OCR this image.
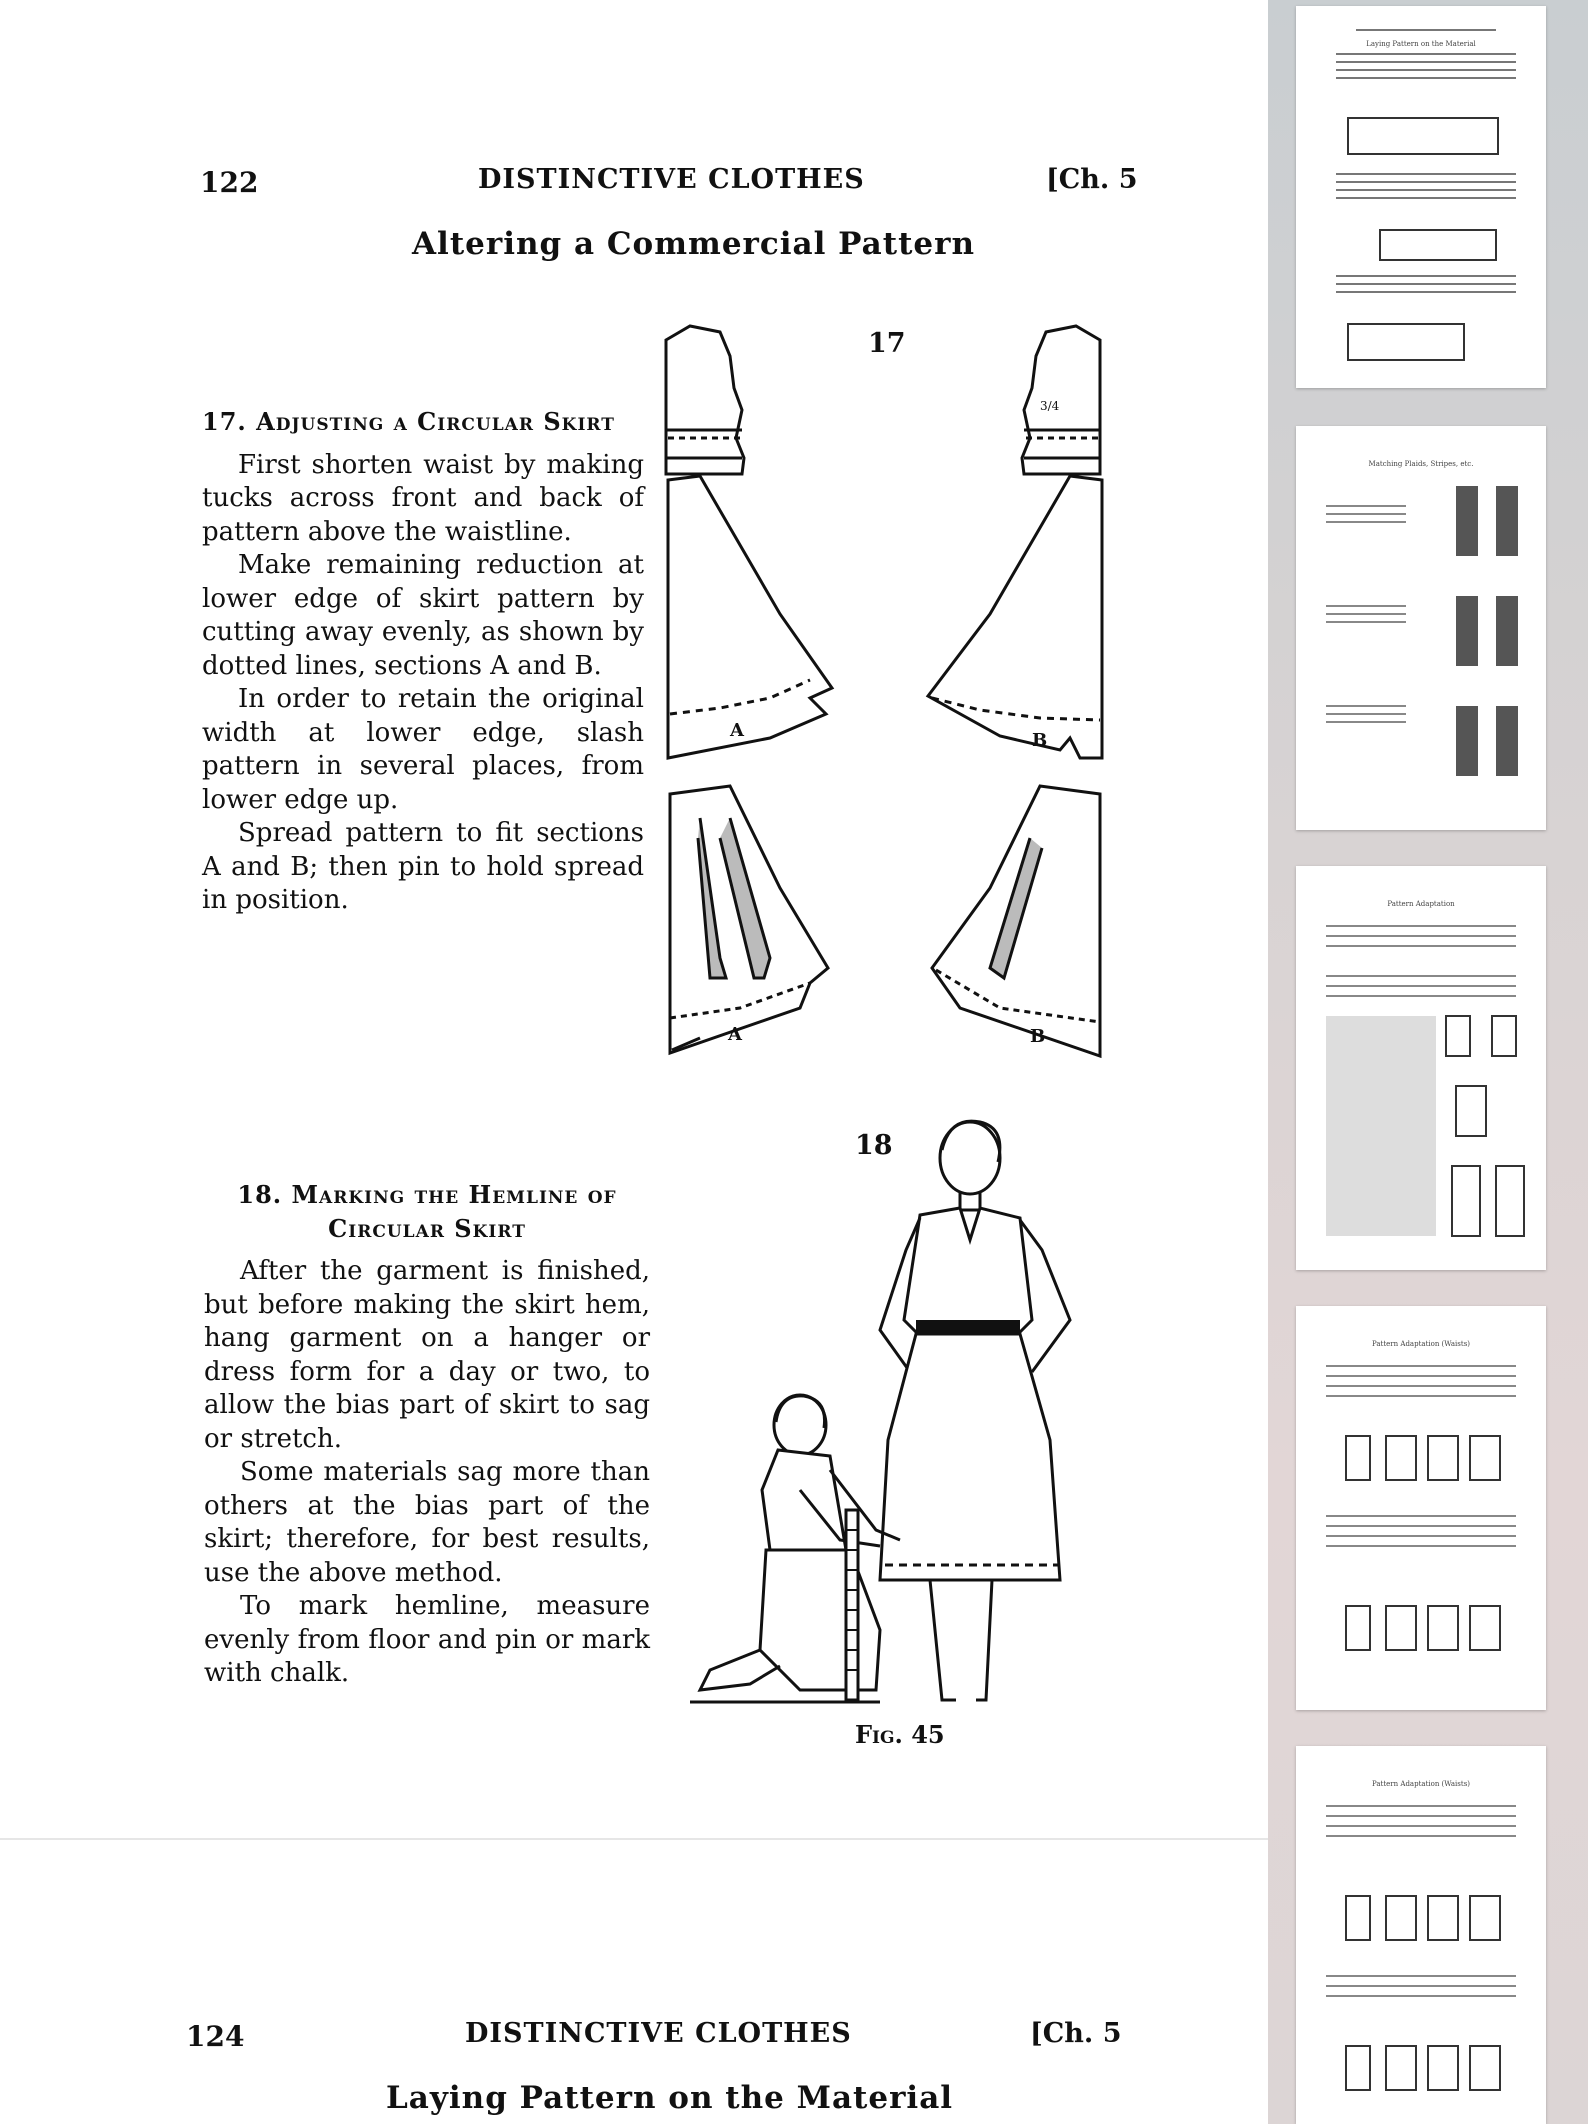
122	DISTINCTIVE CLOTHES	[Ch. 5
Altering a Commercial Pattern
17. Adjusting a Circular Skirt

First shorten waist by making tucks across front and back of pattern above the waistline.

Make remaining reduction at lower edge of skirt pattern by cutting away evenly, as shown by dotted lines, sections A and B.

In order to retain the original width at lower edge, slash pattern in several places, from lower edge up.

Spread pattern to fit sections A and B; then pin to hold spread in position.

17
3/4
A	B
A	B
18
18. Marking the Hemline of Circular Skirt

After the garment is finished, but before making the skirt hem, hang garment on a hanger or dress form for a day or two, to allow the bias part of skirt to sag or stretch.

Some materials sag more than others at the bias part of the skirt; therefore, for best results, use the above method.

To mark hemline, measure evenly from floor and pin or mark with chalk.

Fig. 45
124	DISTINCTIVE CLOTHES	[Ch. 5
Laying Pattern on the Material
Laying Pattern on the Material
Matching Plaids, Stripes, etc.
Pattern Adaptation
Pattern Adaptation (Waists)
Pattern Adaptation (Waists)
